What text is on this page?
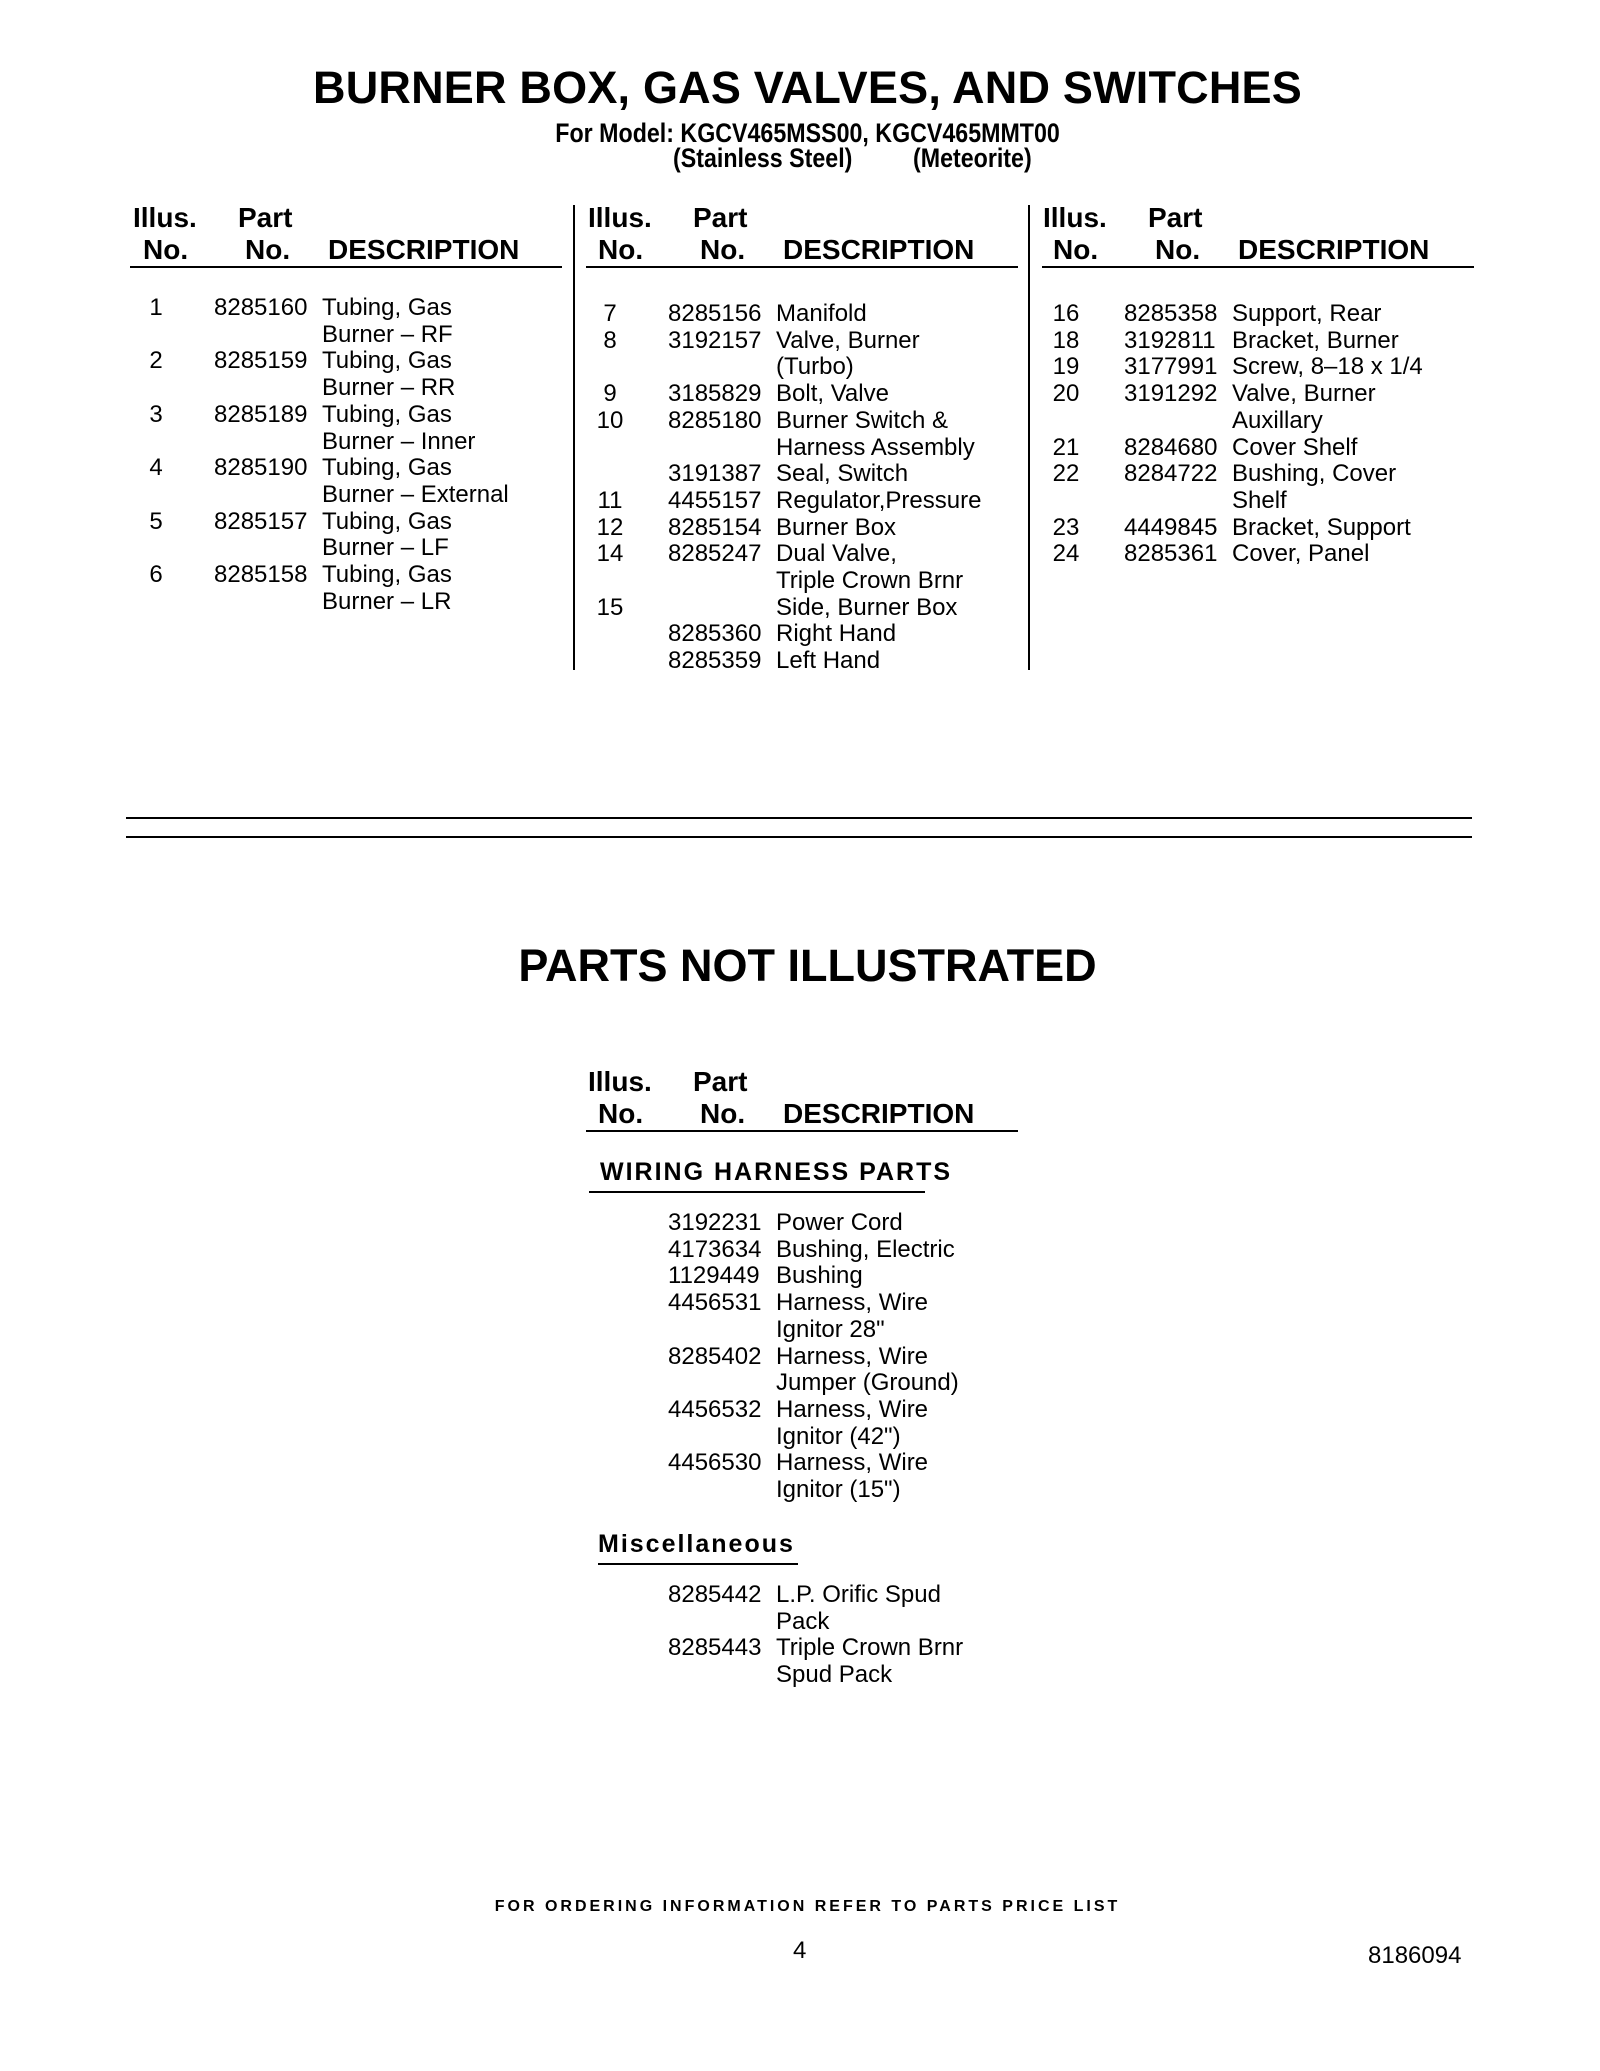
BURNER BOX, GAS VALVES, AND SWITCHES
For Model: KGCV465MSS00, KGCV465MMT00
(Stainless Steel) (Meteorite)
Illus.
No.
Part
No. DESCRIPTION
Illus.
No.
Part
No. DESCRIPTION
Illus.
No.
Part
No. DESCRIPTION
1	8285160 Tubing, Gas
Burner – RF
2	8285159 Tubing, Gas
Burner – RR
3	8285189 Tubing, Gas
Burner – Inner
4	8285190 Tubing, Gas
Burner – External
5	8285157 Tubing, Gas
Burner – LF
6	8285158 Tubing, Gas
Burner – LR
7	8285156 Manifold
8	3192157 Valve, Burner
(Turbo)
9	3185829 Bolt, Valve
10 8285180 Burner Switch &
Harness Assembly
3191387 Seal, Switch
11 4455157 Regulator,Pressure
12 8285154 Burner Box
14 8285247 Dual Valve,
Triple Crown Brnr
15	Side, Burner Box
8285360 Right Hand
8285359 Left Hand
16 8285358 Support, Rear
18 3192811 Bracket, Burner
19 3177991 Screw, 8–18 x 1/4
20 3191292 Valve, Burner
Auxillary
21 8284680 Cover Shelf
22 8284722 Bushing, Cover
Shelf
23 4449845 Bracket, Support
24 8285361 Cover, Panel
PARTS NOT ILLUSTRATED
Illus.
No.
Part
No. DESCRIPTION
WIRING HARNESS PARTS
3192231 Power Cord
4173634 Bushing, Electric
1129449 Bushing
4456531 Harness, Wire
Ignitor 28"
8285402 Harness, Wire
Jumper (Ground)
4456532 Harness, Wire
Ignitor (42")
4456530 Harness, Wire
Ignitor (15")
Miscellaneous
8285442 L.P. Orific Spud
Pack
8285443 Triple Crown Brnr
Spud Pack
FOR ORDERING INFORMATION REFER TO PARTS PRICE LIST
4	8186094
